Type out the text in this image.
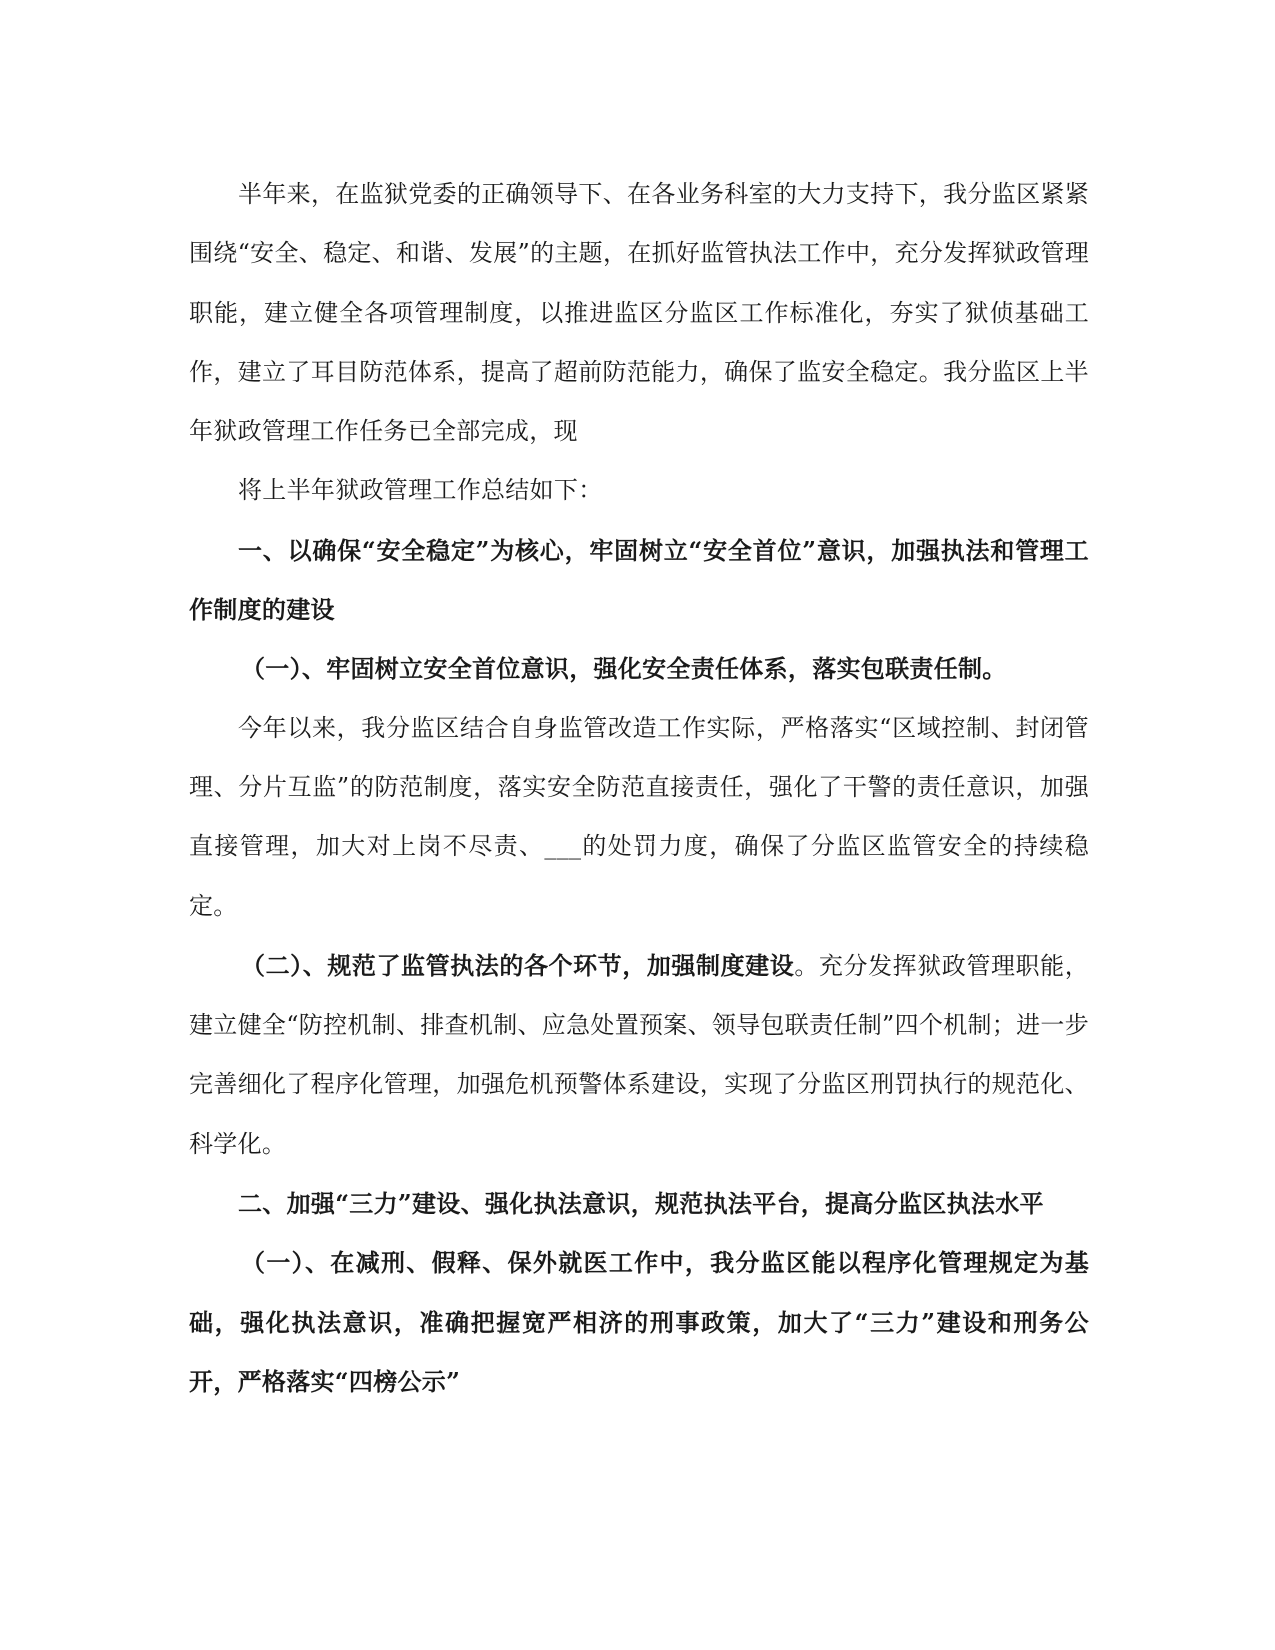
半年来，在监狱党委的正确领导下、在各业务科室的大力支持下，我分监区紧紧围绕“安全、稳定、和谐、发展”的主题，在抓好监管执法工作中，充分发挥狱政管理职能，建立健全各项管理制度，以推进监区分监区工作标准化，夯实了狱侦基础工作，建立了耳目防范体系，提高了超前防范能力，确保了监安全稳定。我分监区上半年狱政管理工作任务已全部完成，现

将上半年狱政管理工作总结如下：

一、以确保“安全稳定”为核心，牢固树立“安全首位”意识，加强执法和管理工作制度的建设

（一）、牢固树立安全首位意识，强化安全责任体系，落实包联责任制。

今年以来，我分监区结合自身监管改造工作实际，严格落实“区域控制、封闭管理、分片互监”的防范制度，落实安全防范直接责任，强化了干警的责任意识，加强直接管理，加大对上岗不尽责、___的处罚力度，确保了分监区监管安全的持续稳定。

（二）、规范了监管执法的各个环节，加强制度建设。充分发挥狱政管理职能，建立健全“防控机制、排查机制、应急处置预案、领导包联责任制”四个机制；进一步完善细化了程序化管理，加强危机预警体系建设，实现了分监区刑罚执行的规范化、科学化。

二、加强“三力”建设、强化执法意识，规范执法平台，提高分监区执法水平

（一）、在减刑、假释、保外就医工作中，我分监区能以程序化管理规定为基础，强化执法意识，准确把握宽严相济的刑事政策，加大了“三力”建设和刑务公开，严格落实“四榜公示”
